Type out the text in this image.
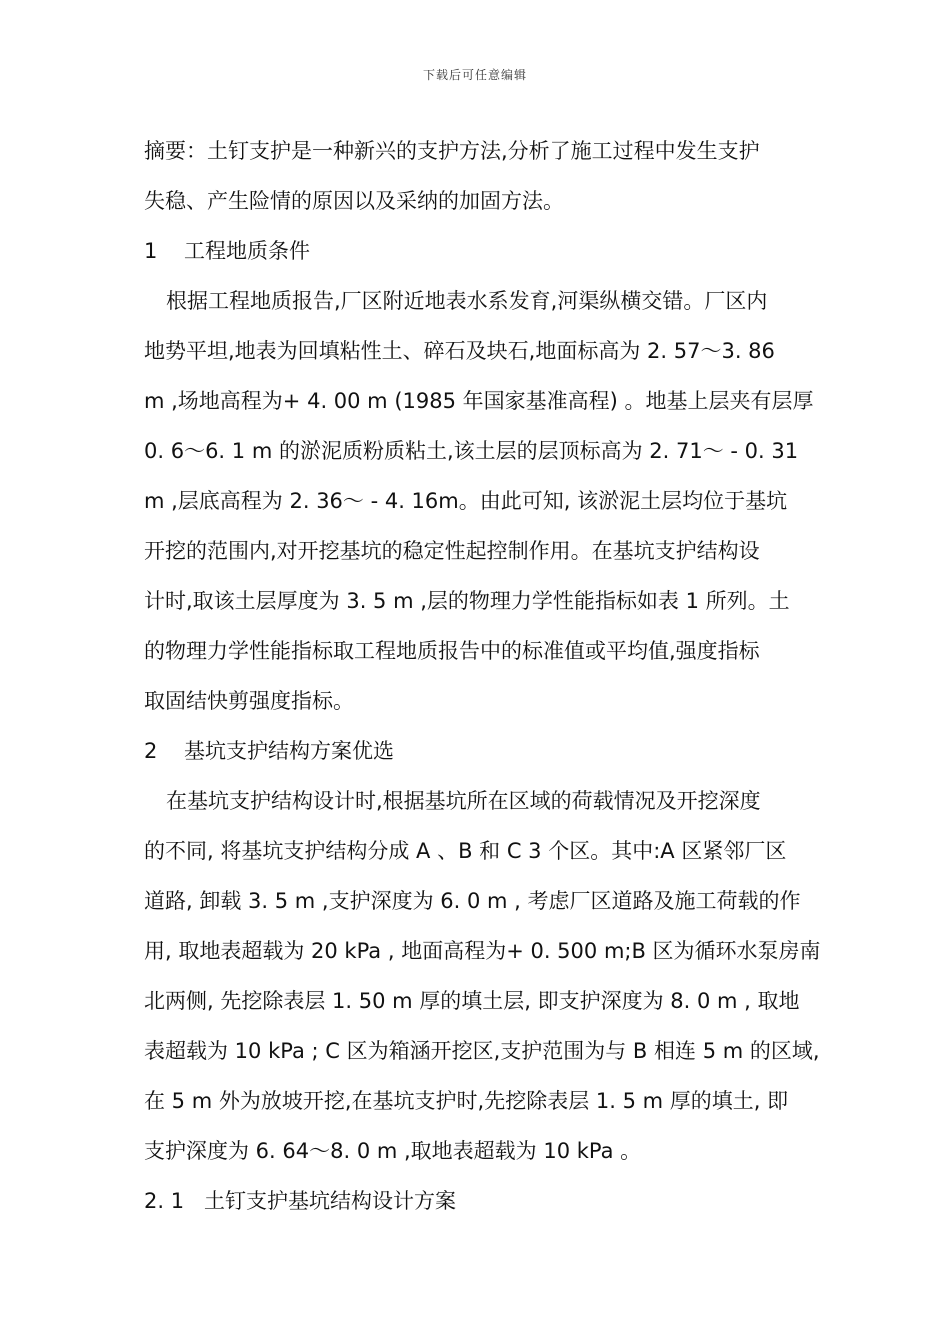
下载后可任意编辑
摘要：土钉支护是一种新兴的支护方法,分析了施工过程中发生支护
失稳、产生险情的原因以及采纳的加固方法。
1 工程地质条件
根据工程地质报告,厂区附近地表水系发育,河渠纵横交错。厂区内
地势平坦,地表为回填粘性土、碎石及块石,地面标高为 2. 57～3. 86
m ,场地高程为+ 4. 00 m (1985 年国家基准高程) 。地基上层夹有层厚
0. 6～6. 1 m 的淤泥质粉质粘土,该土层的层顶标高为 2. 71～ - 0. 31
m ,层底高程为 2. 36～ - 4. 16m。由此可知, 该淤泥土层均位于基坑
开挖的范围内,对开挖基坑的稳定性起控制作用。在基坑支护结构设
计时,取该土层厚度为 3. 5 m ,层的物理力学性能指标如表 1 所列。土
的物理力学性能指标取工程地质报告中的标准值或平均值,强度指标
取固结快剪强度指标。
2 基坑支护结构方案优选
在基坑支护结构设计时,根据基坑所在区域的荷载情况及开挖深度
的不同, 将基坑支护结构分成 A 、B 和 C 3 个区。其中:A 区紧邻厂区
道路, 卸载 3. 5 m ,支护深度为 6. 0 m , 考虑厂区道路及施工荷载的作
用, 取地表超载为 20 kPa , 地面高程为+ 0. 500 m;B 区为循环水泵房南
北两侧, 先挖除表层 1. 50 m 厚的填土层, 即支护深度为 8. 0 m , 取地
表超载为 10 kPa ; C 区为箱涵开挖区,支护范围为与 B 相连 5 m 的区域,
在 5 m 外为放坡开挖,在基坑支护时,先挖除表层 1. 5 m 厚的填土, 即
支护深度为 6. 64～8. 0 m ,取地表超载为 10 kPa 。
2. 1 土钉支护基坑结构设计方案
